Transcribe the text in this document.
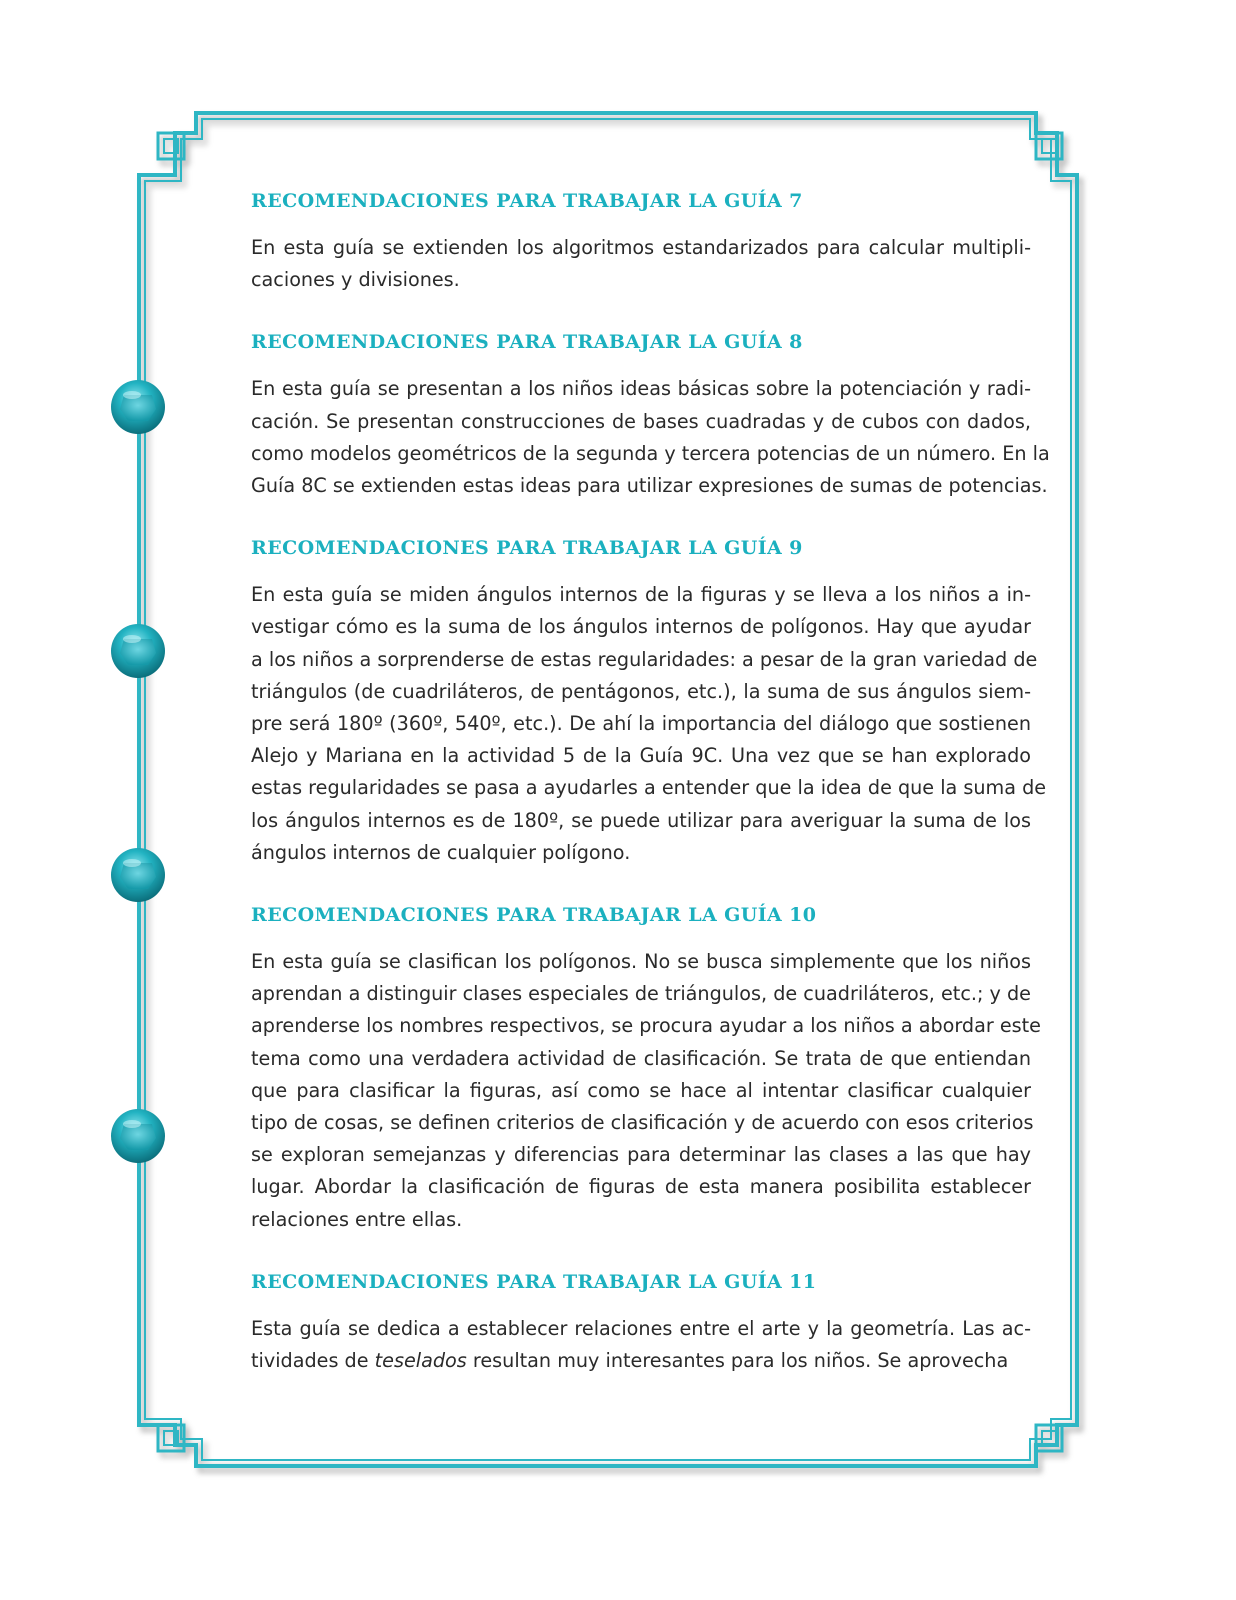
RECOMENDACIONES PARA TRABAJAR LA GUÍA 7

En esta guía se extienden los algoritmos estandarizados para calcular multipli-
caciones y divisiones.

RECOMENDACIONES PARA TRABAJAR LA GUÍA 8

En esta guía se presentan a los niños ideas básicas sobre la potenciación y radi-
cación. Se presentan construcciones de bases cuadradas y de cubos con dados,
como modelos geométricos de la segunda y tercera potencias de un número. En la
Guía 8C se extienden estas ideas para utilizar expresiones de sumas de potencias.

RECOMENDACIONES PARA TRABAJAR LA GUÍA 9

En esta guía se miden ángulos internos de la figuras y se lleva a los niños a in-
vestigar cómo es la suma de los ángulos internos de polígonos. Hay que ayudar
a los niños a sorprenderse de estas regularidades: a pesar de la gran variedad de
triángulos (de cuadriláteros, de pentágonos, etc.), la suma de sus ángulos siem-
pre será 180º (360º, 540º, etc.). De ahí la importancia del diálogo que sostienen
Alejo y Mariana en la actividad 5 de la Guía 9C. Una vez que se han explorado
estas regularidades se pasa a ayudarles a entender que la idea de que la suma de
los ángulos internos es de 180º, se puede utilizar para averiguar la suma de los
ángulos internos de cualquier polígono.

RECOMENDACIONES PARA TRABAJAR LA GUÍA 10

En esta guía se clasifican los polígonos. No se busca simplemente que los niños
aprendan a distinguir clases especiales de triángulos, de cuadriláteros, etc.; y de
aprenderse los nombres respectivos, se procura ayudar a los niños a abordar este
tema como una verdadera actividad de clasificación. Se trata de que entiendan
que para clasificar la figuras, así como se hace al intentar clasificar cualquier
tipo de cosas, se definen criterios de clasificación y de acuerdo con esos criterios
se exploran semejanzas y diferencias para determinar las clases a las que hay
lugar. Abordar la clasificación de figuras de esta manera posibilita establecer
relaciones entre ellas.

RECOMENDACIONES PARA TRABAJAR LA GUÍA 11

Esta guía se dedica a establecer relaciones entre el arte y la geometría. Las ac-
tividades de teselados resultan muy interesantes para los niños. Se aprovecha
